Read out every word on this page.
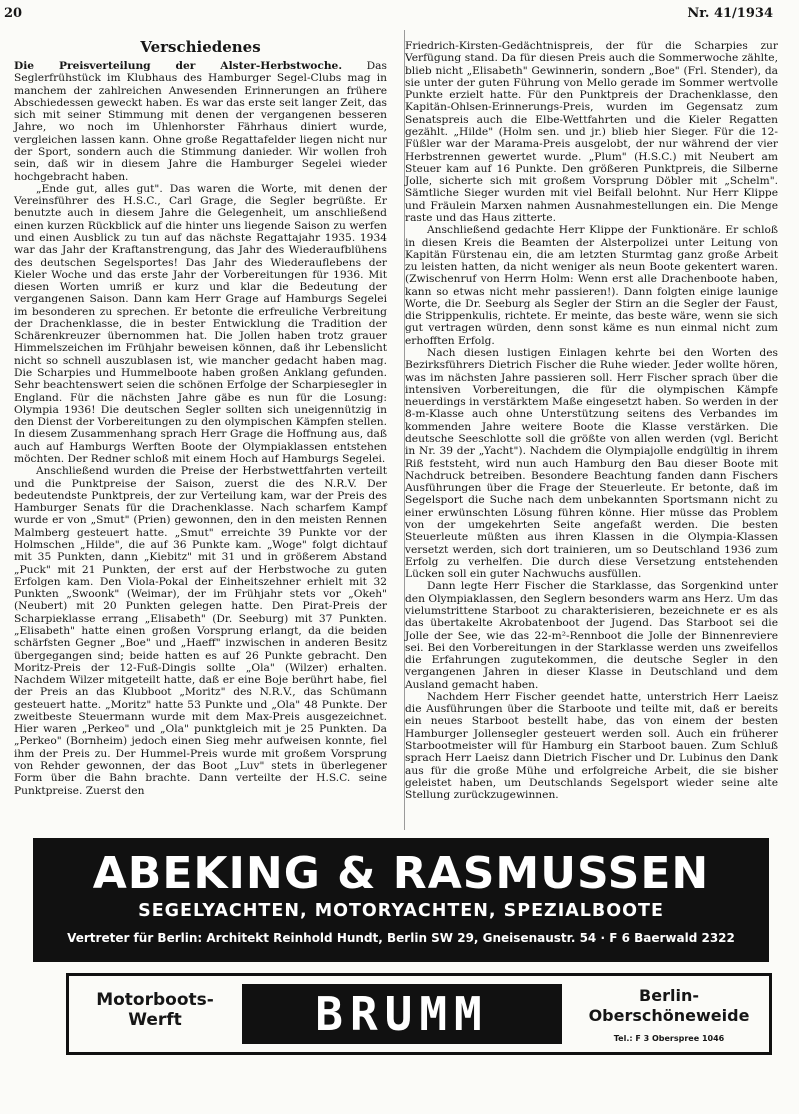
20	Nr. 41/1934
Verschiedenes

Die Preisverteilung der Alster-Herbstwoche. Das Seglerfrühstück im Klubhaus des Hamburger Segel-Clubs mag in manchem der zahlreichen Anwesenden Erinnerungen an frühere Abschiedessen geweckt haben. Es war das erste seit langer Zeit, das sich mit seiner Stimmung mit denen der vergangenen besseren Jahre, wo noch im Uhlenhorster Fährhaus diniert wurde, vergleichen lassen kann. Ohne große Regattafelder liegen nicht nur der Sport, sondern auch die Stimmung danieder. Wir wollen froh sein, daß wir in diesem Jahre die Hamburger Segelei wieder hochgebracht haben.

„Ende gut, alles gut". Das waren die Worte, mit denen der Vereinsführer des H.S.C., Carl Grage, die Segler begrüßte. Er benutzte auch in diesem Jahre die Gelegenheit, um anschließend einen kurzen Rückblick auf die hinter uns liegende Saison zu werfen und einen Ausblick zu tun auf das nächste Regattajahr 1935. 1934 war das Jahr der Kraftanstrengung, das Jahr des Wiederaufblühens des deutschen Segelsportes! Das Jahr des Wiederauflebens der Kieler Woche und das erste Jahr der Vorbereitungen für 1936. Mit diesen Worten umriß er kurz und klar die Bedeutung der vergangenen Saison. Dann kam Herr Grage auf Hamburgs Segelei im besonderen zu sprechen. Er betonte die erfreuliche Verbreitung der Drachenklasse, die in bester Entwicklung die Tradition der Schärenkreuzer übernommen hat. Die Jollen haben trotz grauer Himmelszeichen im Frühjahr beweisen können, daß ihr Lebenslicht nicht so schnell auszublasen ist, wie mancher gedacht haben mag. Die Scharpies und Hummelboote haben großen Anklang gefunden. Sehr beachtenswert seien die schönen Erfolge der Scharpiesegler in England. Für die nächsten Jahre gäbe es nun für die Losung: Olympia 1936! Die deutschen Segler sollten sich uneigennützig in den Dienst der Vorbereitungen zu den olympischen Kämpfen stellen. In diesem Zusammenhang sprach Herr Grage die Hoffnung aus, daß auch auf Hamburgs Werften Boote der Olympiaklassen entstehen möchten. Der Redner schloß mit einem Hoch auf Hamburgs Segelei.

Anschließend wurden die Preise der Herbstwettfahrten verteilt und die Punktpreise der Saison, zuerst die des N.R.V. Der bedeutendste Punktpreis, der zur Verteilung kam, war der Preis des Hamburger Senats für die Drachenklasse. Nach scharfem Kampf wurde er von „Smut" (Prien) gewonnen, den in den meisten Rennen Malmberg gesteuert hatte. „Smut" erreichte 39 Punkte vor der Holmschen „Hilde", die auf 36 Punkte kam. „Woge" folgt dichtauf mit 35 Punkten, dann „Kiebitz" mit 31 und in größerem Abstand „Puck" mit 21 Punkten, der erst auf der Herbstwoche zu guten Erfolgen kam. Den Viola-Pokal der Einheitszehner erhielt mit 32 Punkten „Swoonk" (Weimar), der im Frühjahr stets vor „Okeh" (Neubert) mit 20 Punkten gelegen hatte. Den Pirat-Preis der Scharpieklasse errang „Elisabeth" (Dr. Seeburg) mit 37 Punkten. „Elisabeth" hatte einen großen Vorsprung erlangt, da die beiden schärfsten Gegner „Boe" und „Haeff" inzwischen in anderen Besitz übergegangen sind; beide hatten es auf 26 Punkte gebracht. Den Moritz-Preis der 12-Fuß-Dingis sollte „Ola" (Wilzer) erhalten. Nachdem Wilzer mitgeteilt hatte, daß er eine Boje berührt habe, fiel der Preis an das Klubboot „Moritz" des N.R.V., das Schümann gesteuert hatte. „Moritz" hatte 53 Punkte und „Ola" 48 Punkte. Der zweitbeste Steuermann wurde mit dem Max-Preis ausgezeichnet. Hier waren „Perkeo" und „Ola" punktgleich mit je 25 Punkten. Da „Perkeo" (Bornheim) jedoch einen Sieg mehr aufweisen konnte, fiel ihm der Preis zu. Der Hummel-Preis wurde mit großem Vorsprung von Rehder gewonnen, der das Boot „Luv" stets in überlegener Form über die Bahn brachte. Dann verteilte der H.S.C. seine Punktpreise. Zuerst den

Friedrich-Kirsten-Gedächtnispreis, der für die Scharpies zur Verfügung stand. Da für diesen Preis auch die Sommerwoche zählte, blieb nicht „Elisabeth" Gewinnerin, sondern „Boe" (Frl. Stender), da sie unter der guten Führung von Mello gerade im Sommer wertvolle Punkte erzielt hatte. Für den Punktpreis der Drachenklasse, den Kapitän-Ohlsen-Erinnerungs-Preis, wurden im Gegensatz zum Senatspreis auch die Elbe-Wettfahrten und die Kieler Regatten gezählt. „Hilde" (Holm sen. und jr.) blieb hier Sieger. Für die 12-Füßler war der Marama-Preis ausgelobt, der nur während der vier Herbstrennen gewertet wurde. „Plum" (H.S.C.) mit Neubert am Steuer kam auf 16 Punkte. Den größeren Punktpreis, die Silberne Jolle, sicherte sich mit großem Vorsprung Döbler mit „Schelm". Sämtliche Sieger wurden mit viel Beifall belohnt. Nur Herr Klippe und Fräulein Marxen nahmen Ausnahmestellungen ein. Die Menge raste und das Haus zitterte.

Anschließend gedachte Herr Klippe der Funktionäre. Er schloß in diesen Kreis die Beamten der Alsterpolizei unter Leitung von Kapitän Fürstenau ein, die am letzten Sturmtag ganz große Arbeit zu leisten hatten, da nicht weniger als neun Boote gekentert waren. (Zwischenruf von Herrn Holm: Wenn erst alle Drachenboote haben, kann so etwas nicht mehr passieren!). Dann folgten einige launige Worte, die Dr. Seeburg als Segler der Stirn an die Segler der Faust, die Strippenkulis, richtete. Er meinte, das beste wäre, wenn sie sich gut vertragen würden, denn sonst käme es nun einmal nicht zum erhofften Erfolg.

Nach diesen lustigen Einlagen kehrte bei den Worten des Bezirksführers Dietrich Fischer die Ruhe wieder. Jeder wollte hören, was im nächsten Jahre passieren soll. Herr Fischer sprach über die intensiven Vorbereitungen, die für die olympischen Kämpfe neuerdings in verstärktem Maße eingesetzt haben. So werden in der 8-m-Klasse auch ohne Unterstützung seitens des Verbandes im kommenden Jahre weitere Boote die Klasse verstärken. Die deutsche Seeschlotte soll die größte von allen werden (vgl. Bericht in Nr. 39 der „Yacht"). Nachdem die Olympiajolle endgültig in ihrem Riß feststeht, wird nun auch Hamburg den Bau dieser Boote mit Nachdruck betreiben. Besondere Beachtung fanden dann Fischers Ausführungen über die Frage der Steuerleute. Er betonte, daß im Segelsport die Suche nach dem unbekannten Sportsmann nicht zu einer erwünschten Lösung führen könne. Hier müsse das Problem von der umgekehrten Seite angefaßt werden. Die besten Steuerleute müßten aus ihren Klassen in die Olympia-Klassen versetzt werden, sich dort trainieren, um so Deutschland 1936 zum Erfolg zu verhelfen. Die durch diese Versetzung entstehenden Lücken soll ein guter Nachwuchs ausfüllen.

Dann legte Herr Fischer die Starklasse, das Sorgenkind unter den Olympiaklassen, den Seglern besonders warm ans Herz. Um das vielumstrittene Starboot zu charakterisieren, bezeichnete er es als das übertakelte Akrobatenboot der Jugend. Das Starboot sei die Jolle der See, wie das 22-m²-Rennboot die Jolle der Binnenreviere sei. Bei den Vorbereitungen in der Starklasse werden uns zweifellos die Erfahrungen zugutekommen, die deutsche Segler in den vergangenen Jahren in dieser Klasse in Deutschland und dem Ausland gemacht haben.

Nachdem Herr Fischer geendet hatte, unterstrich Herr Laeisz die Ausführungen über die Starboote und teilte mit, daß er bereits ein neues Starboot bestellt habe, das von einem der besten Hamburger Jollensegler gesteuert werden soll. Auch ein früherer Starbootmeister will für Hamburg ein Starboot bauen. Zum Schluß sprach Herr Laeisz dann Dietrich Fischer und Dr. Lubinus den Dank aus für die große Mühe und erfolgreiche Arbeit, die sie bisher geleistet haben, um Deutschlands Segelsport wieder seine alte Stellung zurückzugewinnen.

ABEKING & RASMUSSEN
SEGELYACHTEN, MOTORYACHTEN, SPEZIALBOOTE
Vertreter für Berlin: Architekt Reinhold Hundt, Berlin SW 29, Gneisenaustr. 54 · F 6 Baerwald 2322
Motorboots-
Werft	BRUMM	Berlin-
Oberschöneweide
Tel.: F 3 Oberspree 1046
